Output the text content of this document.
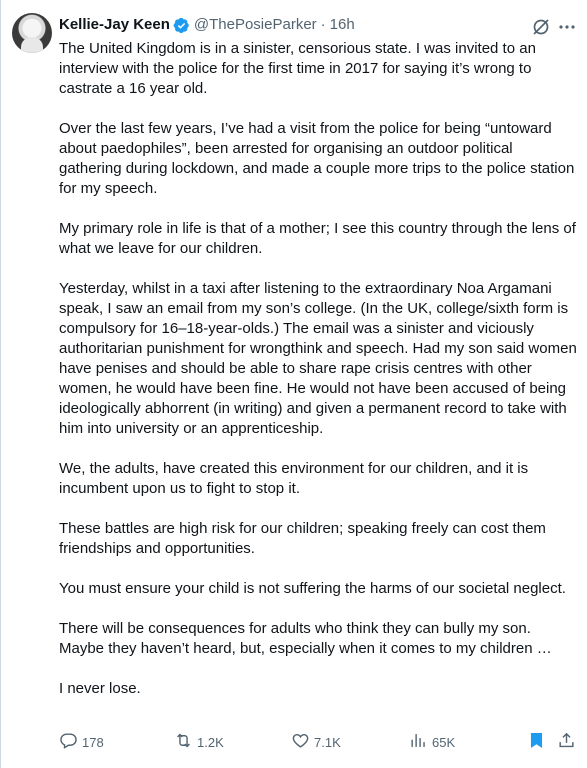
Kellie-Jay Keen @ThePosieParker · 16h

The United Kingdom is in a sinister, censorious state. I was invited to an interview with the police for the first time in 2017 for saying it’s wrong to castrate a 16 year old.

Over the last few years, I’ve had a visit from the police for being “untoward about paedophiles”, been arrested for organising an outdoor political gathering during lockdown, and made a couple more trips to the police station for my speech.

My primary role in life is that of a mother; I see this country through the lens of what we leave for our children.

Yesterday, whilst in a taxi after listening to the extraordinary Noa Argamani speak, I saw an email from my son’s college. (In the UK, college/sixth form is compulsory for 16–18-year-olds.) The email was a sinister and viciously authoritarian punishment for wrongthink and speech. Had my son said women have penises and should be able to share rape crisis centres with other women, he would have been fine. He would not have been accused of being ideologically abhorrent (in writing) and given a permanent record to take with him into university or an apprenticeship.

We, the adults, have created this environment for our children, and it is incumbent upon us to fight to stop it.

These battles are high risk for our children; speaking freely can cost them friendships and opportunities.

You must ensure your child is not suffering the harms of our societal neglect.

There will be consequences for adults who think they can bully my son. Maybe they haven’t heard, but, especially when it comes to my children …

I never lose.

178	1.2K	7.1K	65K
